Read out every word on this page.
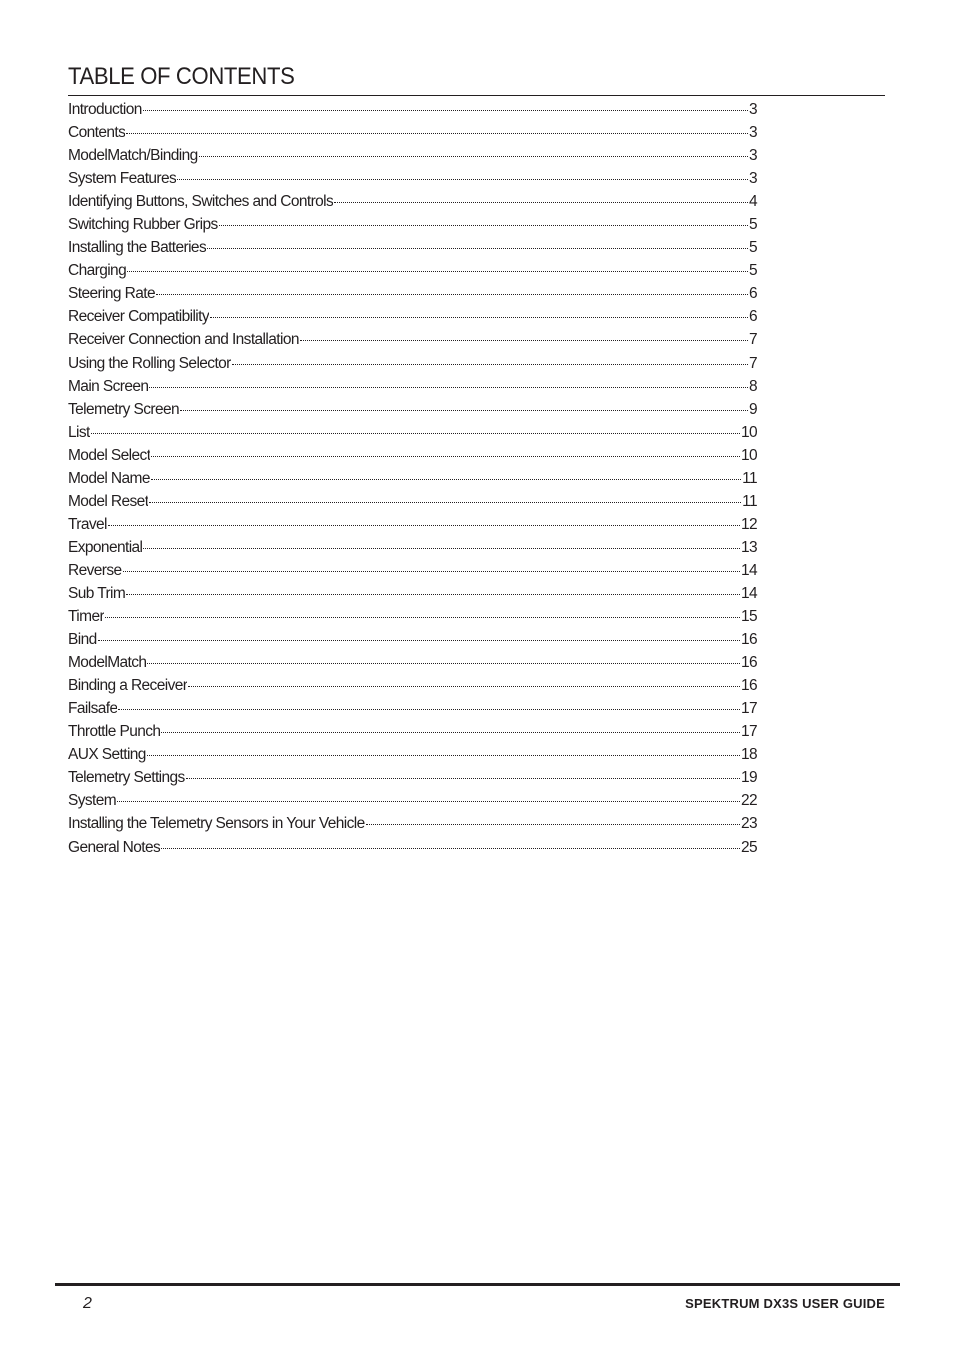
TABLE OF CONTENTS
Introduction	3
Contents	3
ModelMatch/Binding	3
System Features	3
Identifying Buttons, Switches and Controls	4
Switching Rubber Grips	5
Installing the Batteries	5
Charging	5
Steering Rate	6
Receiver Compatibility	6
Receiver Connection and Installation	7
Using the Rolling Selector	7
Main Screen	8
Telemetry Screen	9
List	10
Model Select	10
Model Name	11
Model Reset	11
Travel	12
Exponential	13
Reverse	14
Sub Trim	14
Timer	15
Bind	16
ModelMatch	16
Binding a Receiver	16
Failsafe	17
Throttle Punch	17
AUX Setting	18
Telemetry Settings	19
System	22
Installing the Telemetry Sensors in Your Vehicle	23
General Notes	25
2	SPEKTRUM DX3S USER GUIDE
